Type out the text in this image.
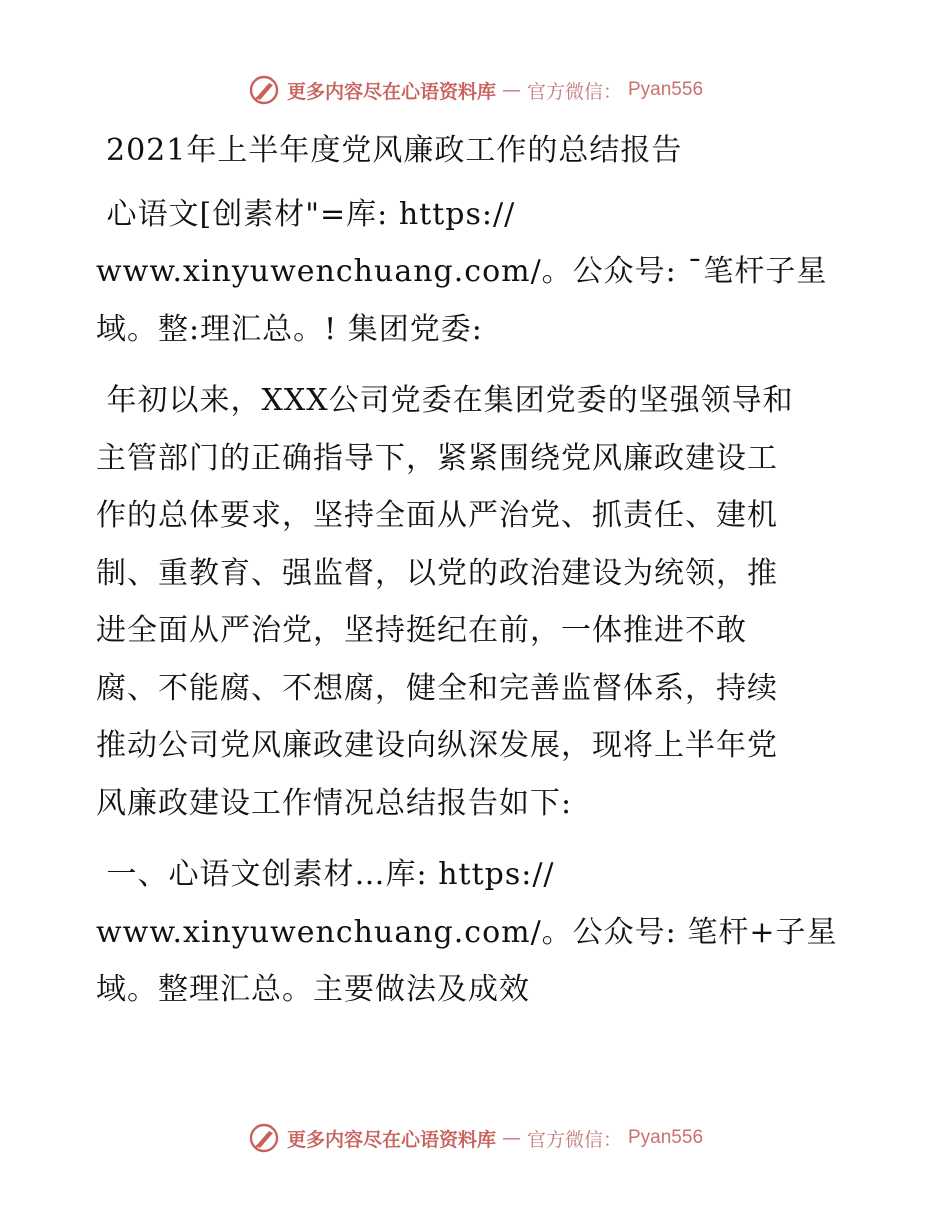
更多内容尽在心语资料库 — 官方微信： Pyan556

2021年上半年度党风廉政工作的总结报告

心语文[创素材"=库: https://

www.xinyuwenchuang.com/。公众号: ¯笔杆子星

域。整:理汇总。! 集团党委:

年初以来，XXX公司党委在集团党委的坚强领导和

主管部门的正确指导下，紧紧围绕党风廉政建设工

作的总体要求，坚持全面从严治党、抓责任、建机

制、重教育、强监督，以党的政治建设为统领，推

进全面从严治党，坚持挺纪在前，一体推进不敢

腐、不能腐、不想腐，健全和完善监督体系，持续

推动公司党风廉政建设向纵深发展，现将上半年党

风廉政建设工作情况总结报告如下:

一、心语文创素材…库: https://

www.xinyuwenchuang.com/。公众号: 笔杆+子星

域。整理汇总。主要做法及成效

更多内容尽在心语资料库 — 官方微信： Pyan556
